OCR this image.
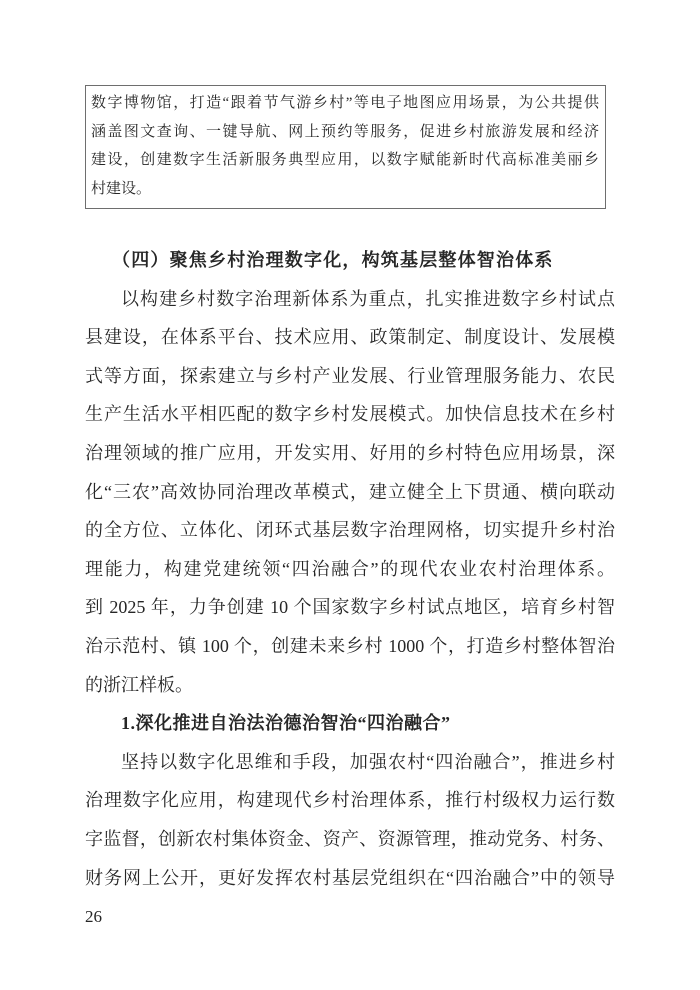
数字博物馆，打造“跟着节气游乡村”等电子地图应用场景，为公共提供
涵盖图文查询、一键导航、网上预约等服务，促进乡村旅游发展和经济
建设，创建数字生活新服务典型应用，以数字赋能新时代高标准美丽乡
村建设。
（四）聚焦乡村治理数字化，构筑基层整体智治体系
以构建乡村数字治理新体系为重点，扎实推进数字乡村试点
县建设，在体系平台、技术应用、政策制定、制度设计、发展模
式等方面，探索建立与乡村产业发展、行业管理服务能力、农民
生产生活水平相匹配的数字乡村发展模式。加快信息技术在乡村
治理领域的推广应用，开发实用、好用的乡村特色应用场景，深
化“三农”高效协同治理改革模式，建立健全上下贯通、横向联动
的全方位、立体化、闭环式基层数字治理网格，切实提升乡村治
理能力，构建党建统领“四治融合”的现代农业农村治理体系。
到 2025 年，力争创建 10 个国家数字乡村试点地区，培育乡村智
治示范村、镇 100 个，创建未来乡村 1000 个，打造乡村整体智治
的浙江样板。
1.深化推进自治法治德治智治“四治融合”
坚持以数字化思维和手段，加强农村“四治融合”，推进乡村
治理数字化应用，构建现代乡村治理体系，推行村级权力运行数
字监督，创新农村集体资金、资产、资源管理，推动党务、村务、
财务网上公开，更好发挥农村基层党组织在“四治融合”中的领导
26
